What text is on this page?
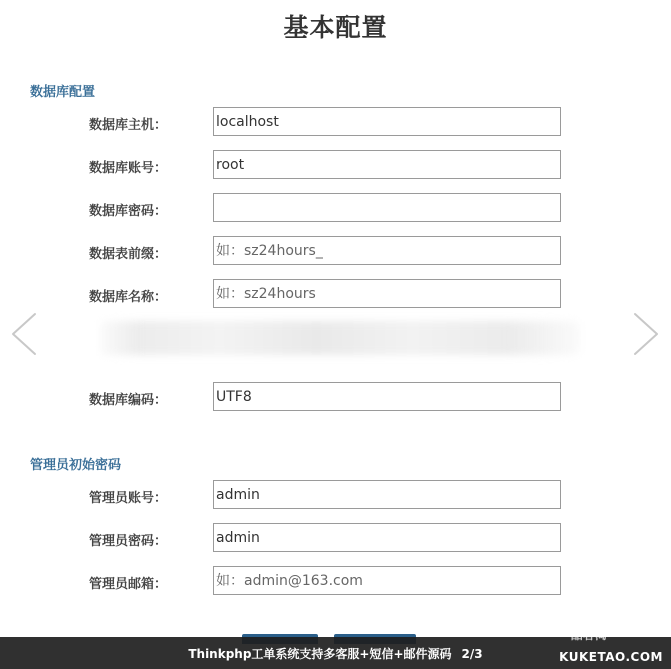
基本配置
数据库配置
数据库主机：
localhost
数据库账号：
root
数据库密码：
数据表前缀：
如：sz24hours_
数据库名称：
如：sz24hours
数据库编码：
UTF8
管理员初始密码
管理员账号：
admin
管理员密码：
admin
管理员邮箱：
如：admin@163.com
Thinkphp工单系统支持多客服+短信+邮件源码 2/3
酷客淘
KUKETAO.COM
